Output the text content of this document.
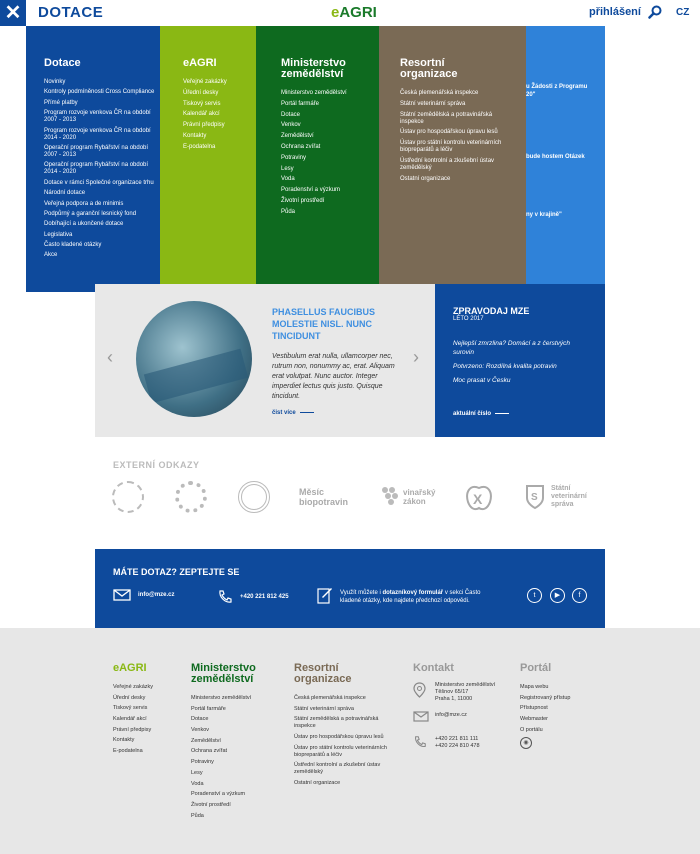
u Žádosti z Programu
20"
bude hostem Otázek
ny v krajině"
✕	DOTACE	eAGRI	přihlášení	CZ
Dotace
Novinky
Kontroly podmíněnosti Cross Compliance
Přímé platby
Program rozvoje venkova ČR na období 2007 - 2013
Program rozvoje venkova ČR na období 2014 - 2020
Operační program Rybářství na období 2007 - 2013
Operační program Rybářství na období 2014 - 2020
Dotace v rámci Společné organizace trhu
Národní dotace
Veřejná podpora a de minimis
Podpůrný a garanční lesnický fond
Dobíhající a ukončené dotace
Legislativa
Často kladené otázky
Akce
eAGRI
Veřejné zakázky
Úřední desky
Tiskový servis
Kalendář akcí
Právní předpisy
Kontakty
E-podatelna
Ministerstvo zemědělství
Ministerstvo zemědělství
Portál farmáře
Dotace
Venkov
Zemědělství
Ochrana zvířat
Potraviny
Lesy
Voda
Poradenství a výzkum
Životní prostředí
Půda
Resortní organizace
Česká plemenářská inspekce
Státní veterinární správa
Státní zemědělská a potravinářská inspekce
Ústav pro hospodářskou úpravu lesů
Ústav pro státní kontrolu veterinárních biopreparátů a léčiv
Ústřední kontrolní a zkušební ústav zemědělský
Ostatní organizace
‹
PHASELLUS FAUCIBUS MOLESTIE NISL. NUNC TINCIDUNT
Vestibulum erat nulla, ullamcorper nec, rutrum non, nonummy ac, erat. Aliquam erat volutpat. Nunc auctor. Integer imperdiet lectus quis justo. Quisque tincidunt.
čist více
›
ZPRAVODAJ MZE
LÉTO 2017
Nejlepší zmrzlina? Domácí a z čerstvých surovin
Potvrzeno: Rozdílná kvalita potravin
Moc prasat v Česku
aktuální číslo
EXTERNÍ ODKAZY
Měsíc biopotravin
vinařský zákon	X	S
Státní veterinární správa
MÁTE DOTAZ? ZEPTEJTE SE
info@mze.cz	+420 221 812 425
Využít můžete i dotazníkový formulář v sekci Často kladené otázky, kde najdete předchozí odpovědi.
t	▶	f
eAGRI
Veřejné zakázky
Úřední desky
Tiskový servis
Kalendář akcí
Právní předpisy
Kontakty
E-podatelna
Ministerstvo zemědělství
Ministerstvo zemědělství
Portál farmáře
Dotace
Venkov
Zemědělství
Ochrana zvířat
Potraviny
Lesy
Voda
Poradenství a výzkum
Životní prostředí
Půda
Resortní organizace
Česká plemenářská inspekce
Státní veterinární správa
Státní zemědělská a potravinářská inspekce
Ústav pro hospodářskou úpravu lesů
Ústav pro státní kontrolu veterinárních biopreparátů a léčiv
Ústřední kontrolní a zkušební ústav zemědělský
Ostatní organizace
Kontakt
Ministerstvo zemědělství
Těšnov 65/17
Praha 1, 11000
info@mze.cz
+420 221 811 111
+420 224 810 478
Portál
Mapa webu
Registrovaný přístup
Přístupnost
Webmaster
O portálu
◉
